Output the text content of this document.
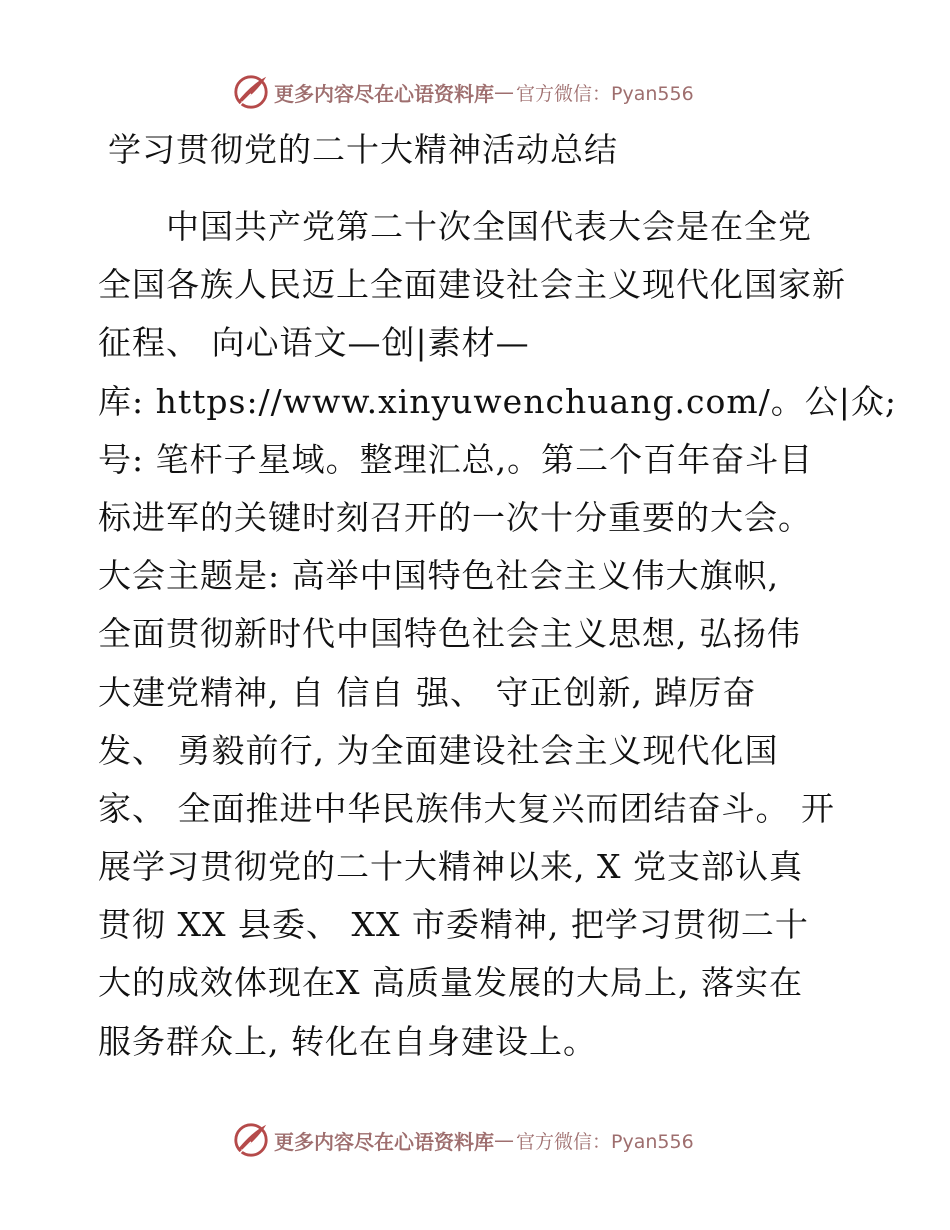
更多内容尽在心语资料库 — 官方微信：Pyan556
学习贯彻党的二十大精神活动总结
　　中国共产党第二十次全国代表大会是在全党
全国各族人民迈上全面建设社会主义现代化国家新
征程、 向心语文—创|素材—
库: https://www.xinyuwenchuang.com/。公|众;
号: 笔杆子星域。整理汇总,。第二个百年奋斗目
标进军的关键时刻召开的一次十分重要的大会。
大会主题是: 高举中国特色社会主义伟大旗帜,
全面贯彻新时代中国特色社会主义思想, 弘扬伟
大建党精神, 自 信自 强、 守正创新, 踔厉奋
发、 勇毅前行, 为全面建设社会主义现代化国
家、 全面推进中华民族伟大复兴而团结奋斗。 开
展学习贯彻党的二十大精神以来, X 党支部认真
贯彻 XX 县委、 XX 市委精神, 把学习贯彻二十
大的成效体现在X 高质量发展的大局上, 落实在
服务群众上, 转化在自身建设上。
更多内容尽在心语资料库 — 官方微信：Pyan556
